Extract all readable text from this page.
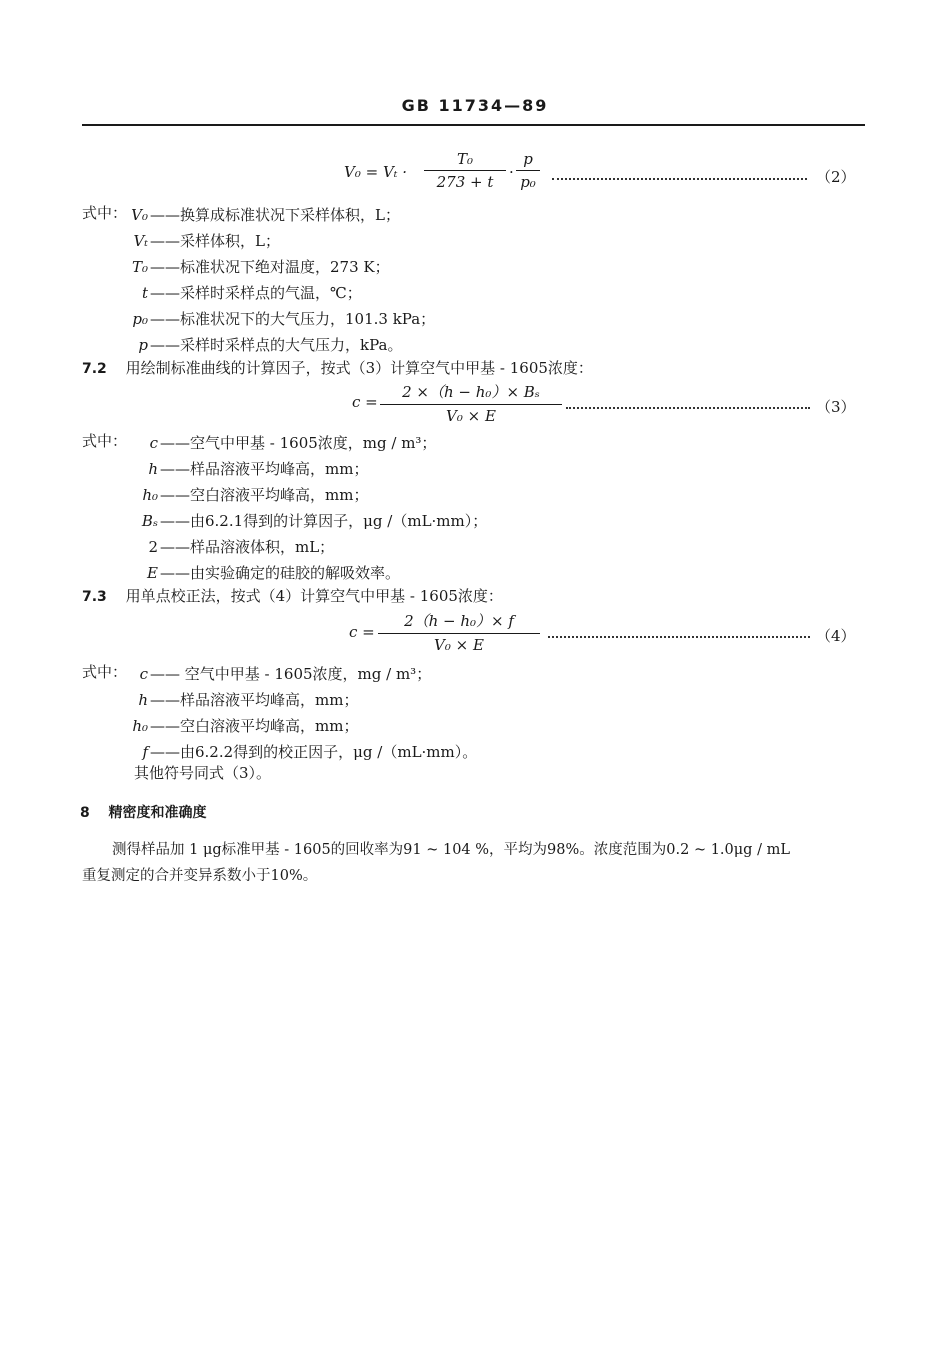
GB 11734—89
$V_0 = V_t \cdot \frac{\text{T₀}}{273 + t} \cdot \frac{p}{\text{p₀}}$	（2）
式中： V₀ ——换算成标准状况下采样体积，L；
Vₜ ——采样体积，L；
T₀ ——标准状况下绝对温度，273 K；
t ——采样时采样点的气温，℃；
p₀ ——标准状况下的大气压力，101.3 kPa；
p ——采样时采样点的大气压力，kPa。
7.2 用绘制标准曲线的计算因子，按式（3）计算空气中甲基 - 1605浓度：
$c = \frac{\text{2 ×（h − h₀）× Bₛ}}{\text{V₀ × E}}$	（3）
式中：	c ——空气中甲基 - 1605浓度，mg / m³；
h ——样品溶液平均峰高，mm；
h₀ ——空白溶液平均峰高，mm；
Bₛ ——由6.2.1得到的计算因子，μg /（mL·mm）；
2 ——样品溶液体积，mL；
E ——由实验确定的硅胶的解吸效率。
7.3 用单点校正法，按式（4）计算空气中甲基 - 1605浓度：
$c = \frac{\text{2（h − h₀）× f}}{\text{V₀ × E}}$	（4）
式中： c —— 空气中甲基 - 1605浓度，mg / m³；
h ——样品溶液平均峰高，mm；
h₀ ——空白溶液平均峰高，mm；
f ——由6.2.2得到的校正因子，μg /（mL·mm）。
其他符号同式（3）。
8 精密度和准确度
测得样品加 1 μg标准甲基 - 1605的回收率为91 ~ 104 %，平均为98%。浓度范围为0.2 ~ 1.0μg / mL
重复测定的合并变异系数小于10%。
